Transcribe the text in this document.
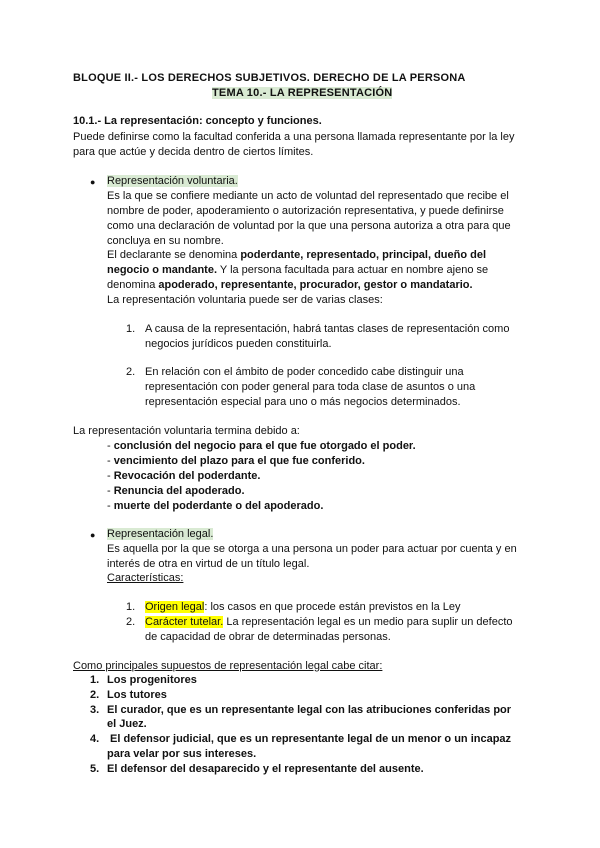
BLOQUE II.- LOS DERECHOS SUBJETIVOS. DERECHO DE LA PERSONA
TEMA 10.- LA REPRESENTACIÓN
10.1.- La representación: concepto y funciones.
Puede definirse como la facultad conferida a una persona llamada representante por la ley
para que actúe y decida dentro de ciertos límites.
● Representación voluntaria.
Es la que se confiere mediante un acto de voluntad del representado que recibe el
nombre de poder, apoderamiento o autorización representativa, y puede definirse
como una declaración de voluntad por la que una persona autoriza a otra para que
concluya en su nombre.
El declarante se denomina poderdante, representado, principal, dueño del
negocio o mandante. Y la persona facultada para actuar en nombre ajeno se
denomina apoderado, representante, procurador, gestor o mandatario.
La representación voluntaria puede ser de varias clases:
1. A causa de la representación, habrá tantas clases de representación como
negocios jurídicos pueden constituirla.
2. En relación con el ámbito de poder concedido cabe distinguir una
representación con poder general para toda clase de asuntos o una
representación especial para uno o más negocios determinados.
La representación voluntaria termina debido a:
- conclusión del negocio para el que fue otorgado el poder.
- vencimiento del plazo para el que fue conferido.
- Revocación del poderdante.
- Renuncia del apoderado.
- muerte del poderdante o del apoderado.
● Representación legal.
Es aquella por la que se otorga a una persona un poder para actuar por cuenta y en
interés de otra en virtud de un título legal.
Características:
1. Origen legal: los casos en que procede están previstos en la Ley
2. Carácter tutelar. La representación legal es un medio para suplir un defecto
de capacidad de obrar de determinadas personas.
Como principales supuestos de representación legal cabe citar:
1. Los progenitores
2. Los tutores
3. El curador, que es un representante legal con las atribuciones conferidas por
el Juez.
4. El defensor judicial, que es un representante legal de un menor o un incapaz
para velar por sus intereses.
5. El defensor del desaparecido y el representante del ausente.
